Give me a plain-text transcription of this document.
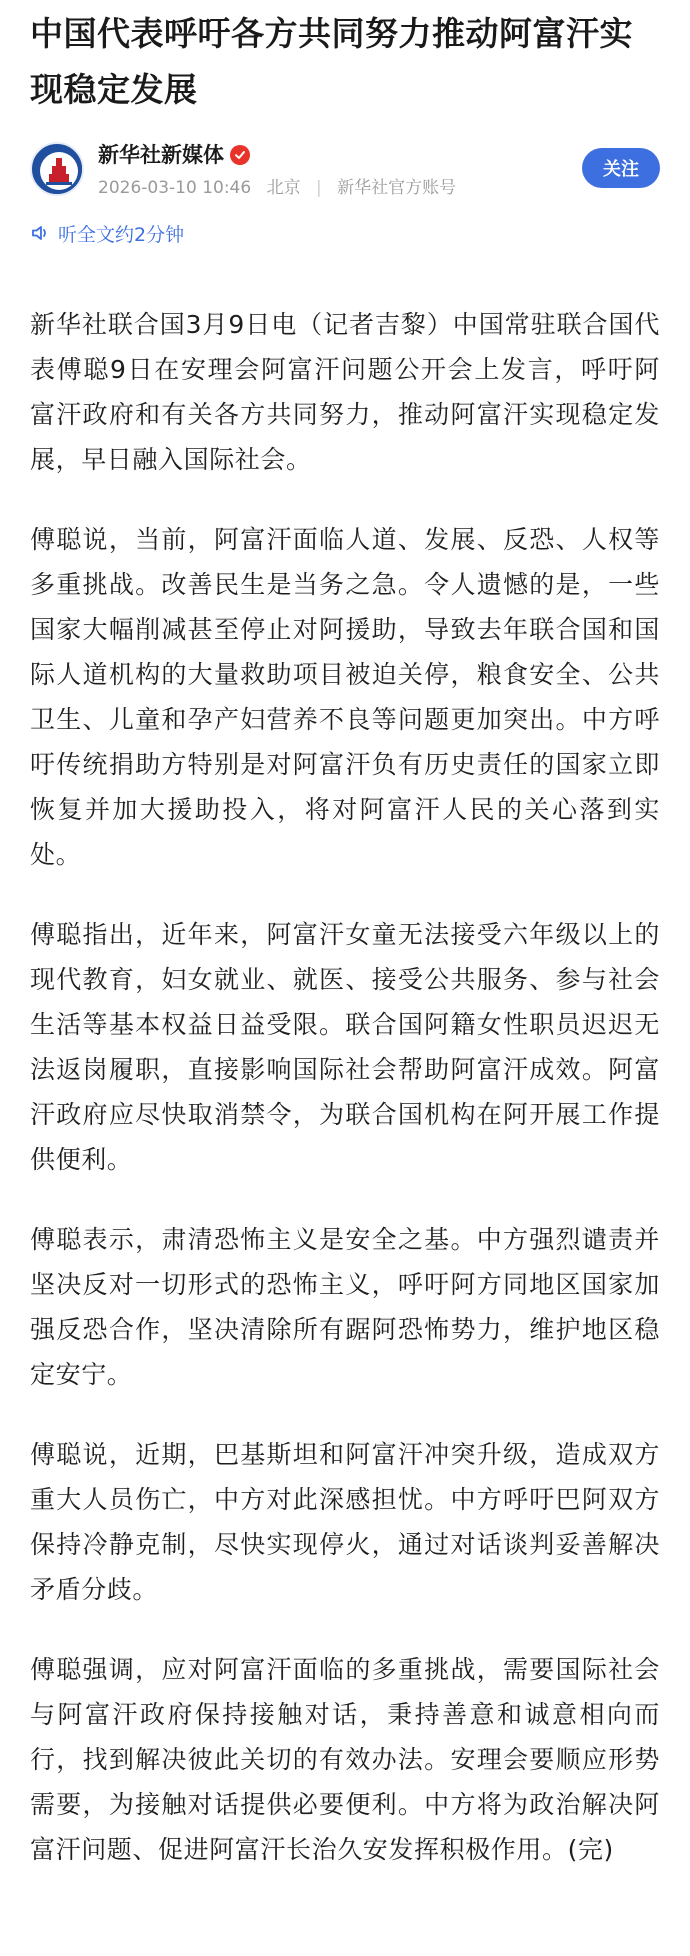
中国代表呼吁各方共同努力推动阿富汗实现稳定发展
新华社新媒体
2026-03-10 10:46 北京 | 新华社官方账号
关注
听全文约2分钟

新华社联合国3月9日电（记者吉黎）中国常驻联合国代表傅聪9日在安理会阿富汗问题公开会上发言，呼吁阿富汗政府和有关各方共同努力，推动阿富汗实现稳定发展，早日融入国际社会。

傅聪说，当前，阿富汗面临人道、发展、反恐、人权等多重挑战。改善民生是当务之急。令人遗憾的是，一些国家大幅削减甚至停止对阿援助，导致去年联合国和国际人道机构的大量救助项目被迫关停，粮食安全、公共卫生、儿童和孕产妇营养不良等问题更加突出。中方呼吁传统捐助方特别是对阿富汗负有历史责任的国家立即恢复并加大援助投入，将对阿富汗人民的关心落到实处。

傅聪指出，近年来，阿富汗女童无法接受六年级以上的现代教育，妇女就业、就医、接受公共服务、参与社会生活等基本权益日益受限。联合国阿籍女性职员迟迟无法返岗履职，直接影响国际社会帮助阿富汗成效。阿富汗政府应尽快取消禁令，为联合国机构在阿开展工作提供便利。

傅聪表示，肃清恐怖主义是安全之基。中方强烈谴责并坚决反对一切形式的恐怖主义，呼吁阿方同地区国家加强反恐合作，坚决清除所有踞阿恐怖势力，维护地区稳定安宁。

傅聪说，近期，巴基斯坦和阿富汗冲突升级，造成双方重大人员伤亡，中方对此深感担忧。中方呼吁巴阿双方保持冷静克制，尽快实现停火，通过对话谈判妥善解决矛盾分歧。

傅聪强调，应对阿富汗面临的多重挑战，需要国际社会与阿富汗政府保持接触对话，秉持善意和诚意相向而行，找到解决彼此关切的有效办法。安理会要顺应形势需要，为接触对话提供必要便利。中方将为政治解决阿富汗问题、促进阿富汗长治久安发挥积极作用。(完)
